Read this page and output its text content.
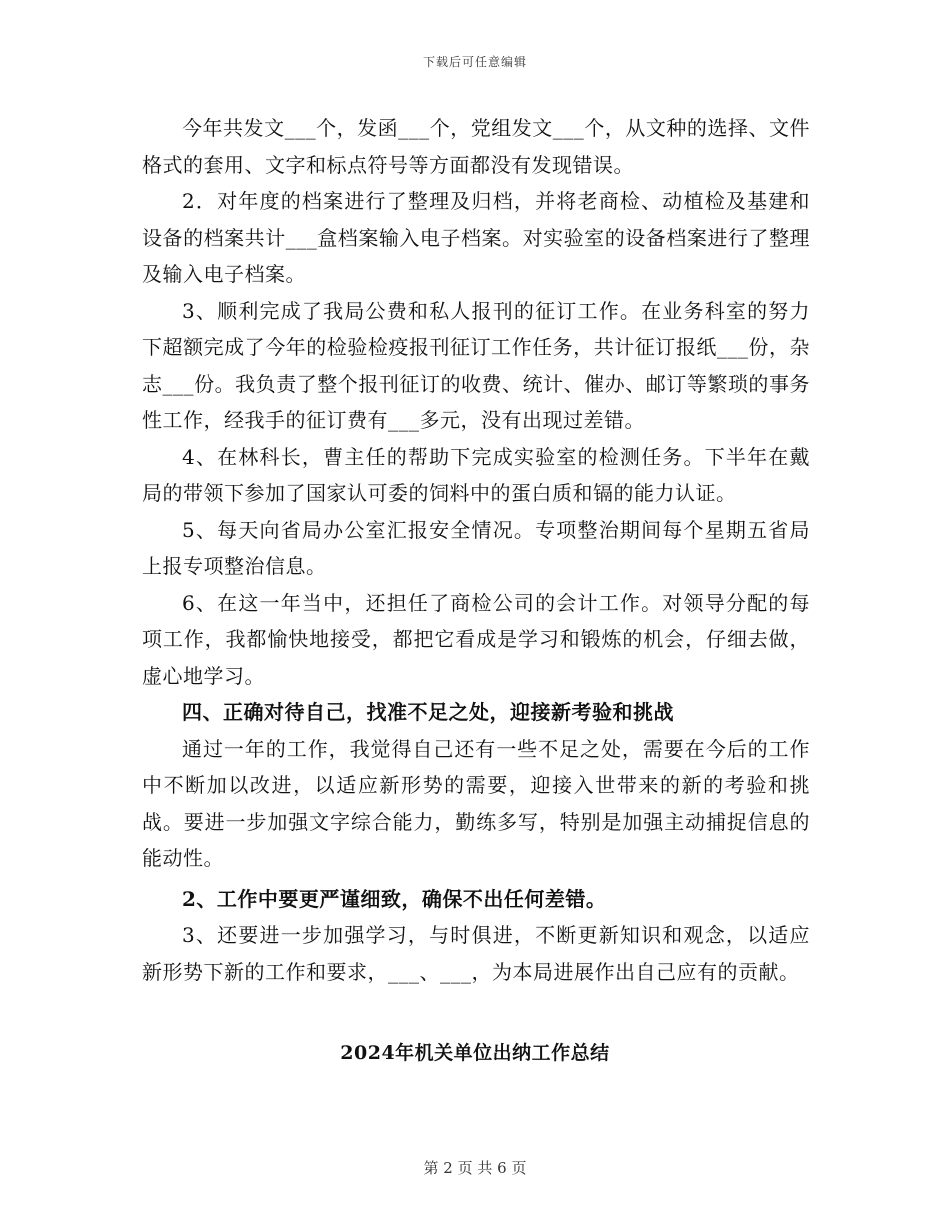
下载后可任意编辑

今年共发文___个，发函___个，党组发文___个，从文种的选择、文件格式的套用、文字和标点符号等方面都没有发现错误。

2．对年度的档案进行了整理及归档，并将老商检、动植检及基建和设备的档案共计___盒档案输入电子档案。对实验室的设备档案进行了整理及输入电子档案。

3、顺利完成了我局公费和私人报刊的征订工作。在业务科室的努力下超额完成了今年的检验检疫报刊征订工作任务，共计征订报纸___份，杂志___份。我负责了整个报刊征订的收费、统计、催办、邮订等繁琐的事务性工作，经我手的征订费有___多元，没有出现过差错。

4、在林科长，曹主任的帮助下完成实验室的检测任务。下半年在戴局的带领下参加了国家认可委的饲料中的蛋白质和镉的能力认证。

5、每天向省局办公室汇报安全情况。专项整治期间每个星期五省局上报专项整治信息。

6、在这一年当中，还担任了商检公司的会计工作。对领导分配的每项工作，我都愉快地接受，都把它看成是学习和锻炼的机会，仔细去做，虚心地学习。

四、正确对待自己，找准不足之处，迎接新考验和挑战

通过一年的工作，我觉得自己还有一些不足之处，需要在今后的工作中不断加以改进，以适应新形势的需要，迎接入世带来的新的考验和挑战。要进一步加强文字综合能力，勤练多写，特别是加强主动捕捉信息的能动性。

2、工作中要更严谨细致，确保不出任何差错。

3、还要进一步加强学习，与时俱进，不断更新知识和观念，以适应新形势下新的工作和要求，___、___，为本局进展作出自己应有的贡献。

2024年机关单位出纳工作总结
第 2 页 共 6 页
